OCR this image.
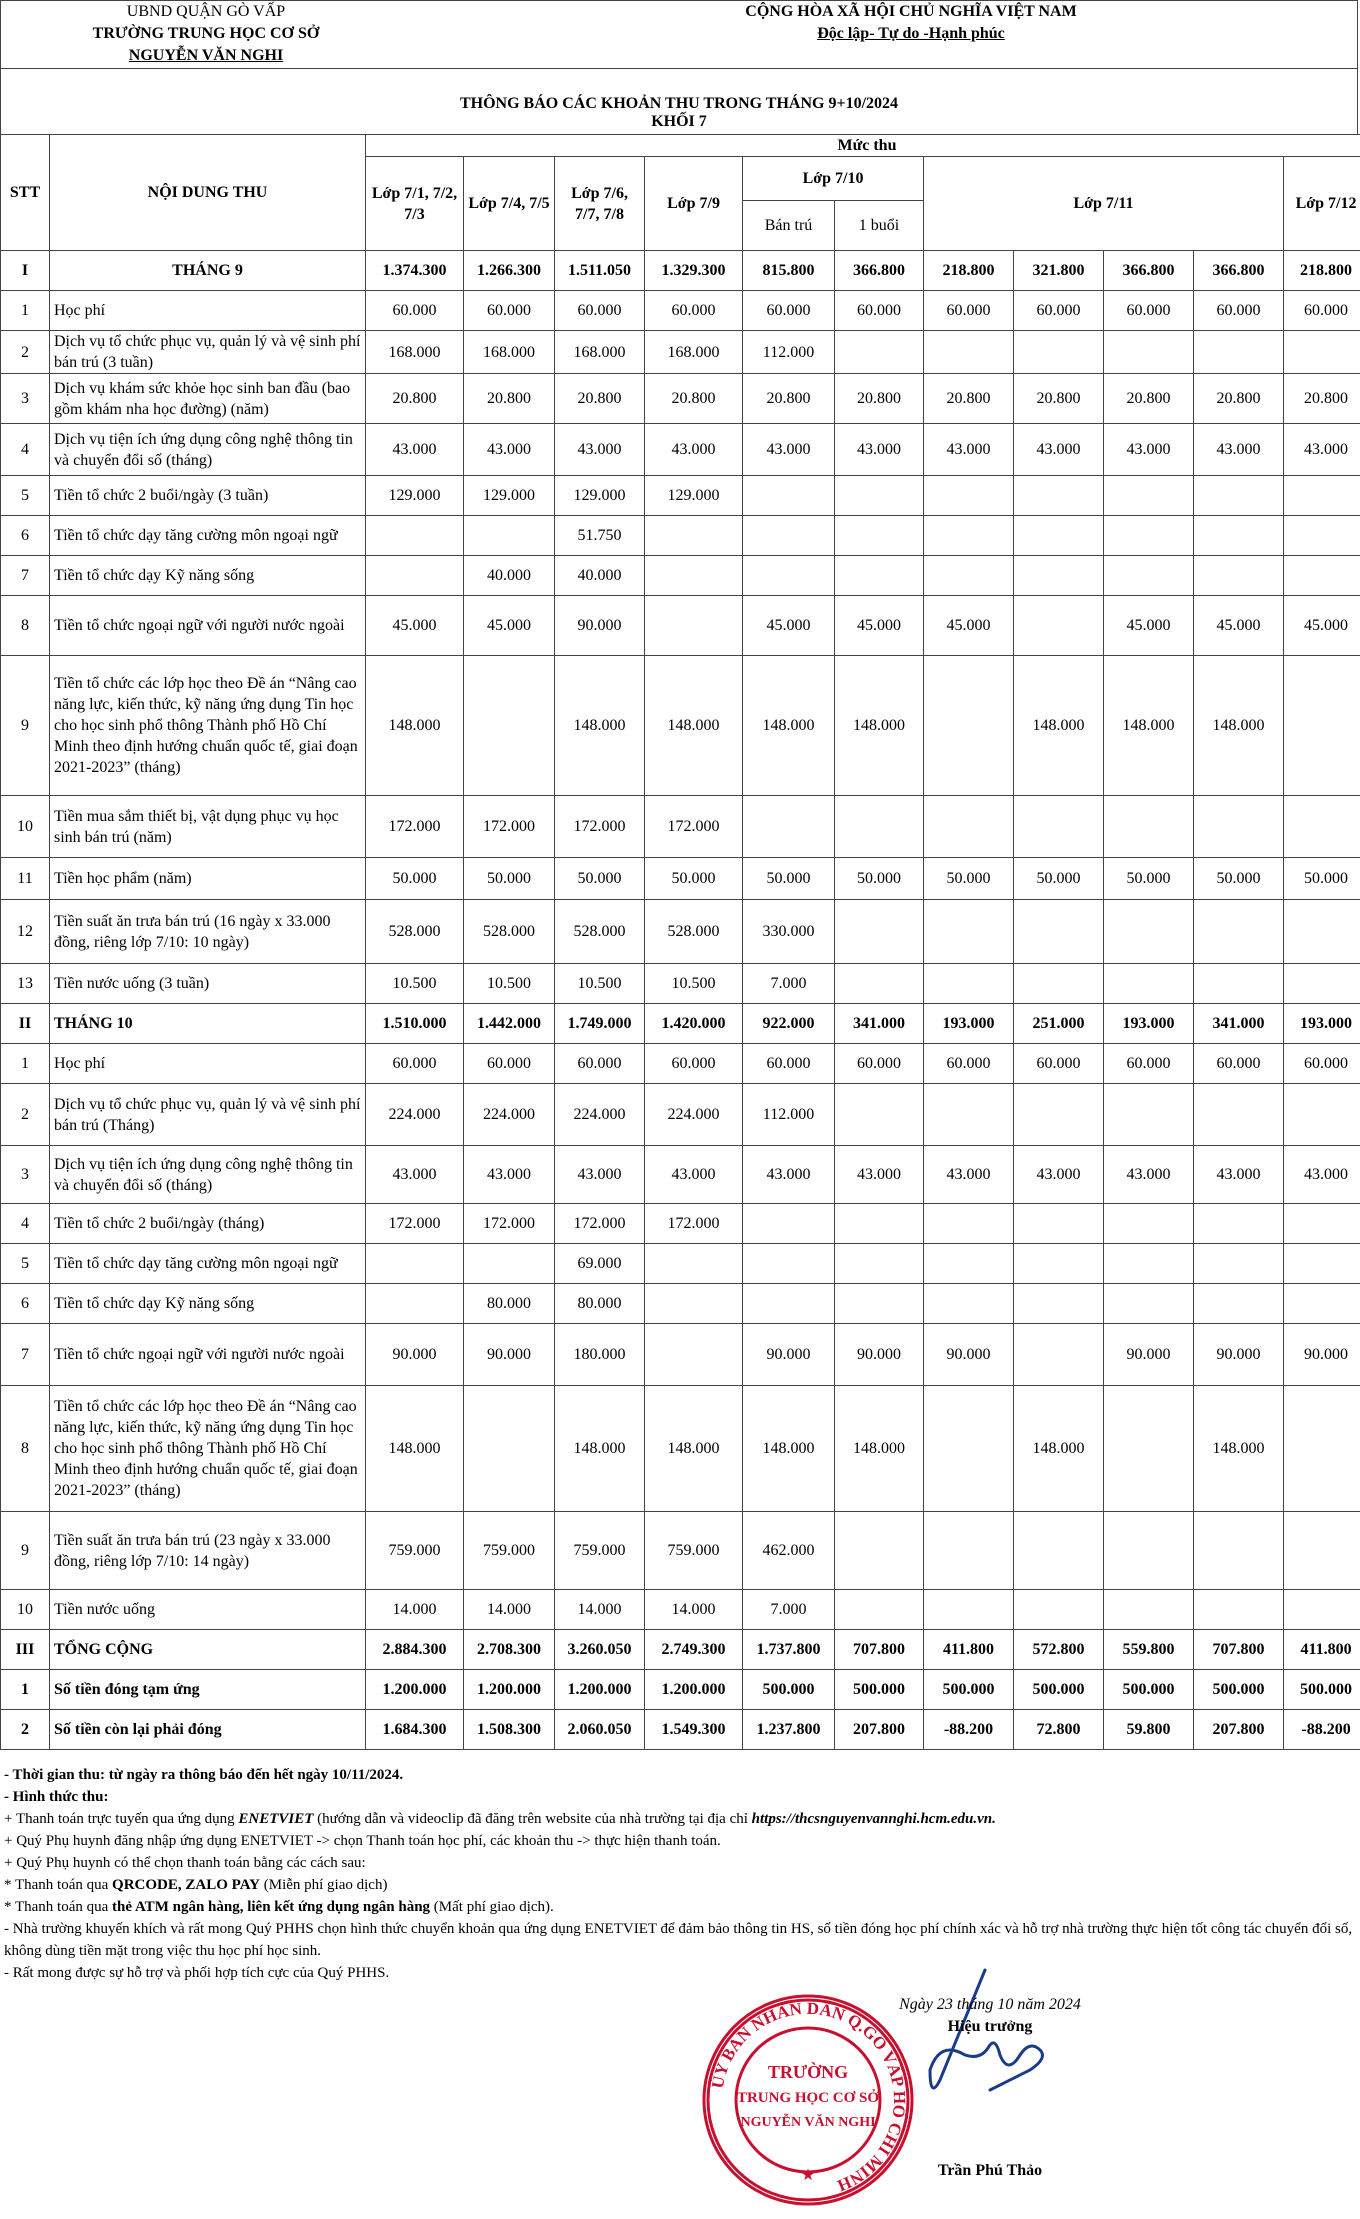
UBND QUẬN GÒ VẤP
TRƯỜNG TRUNG HỌC CƠ SỞ
NGUYỄN VĂN NGHI
CỘNG HÒA XÃ HỘI CHỦ NGHĨA VIỆT NAM
Độc lập- Tự do -Hạnh phúc
THÔNG BÁO CÁC KHOẢN THU TRONG THÁNG 9+10/2024
KHỐI 7
STT	NỘI DUNG THU	Mức thu										
		Lớp 7/1, 7/2, 7/3	Lớp 7/4, 7/5	Lớp 7/6, 7/7, 7/8	Lớp 7/9	Lớp 7/10		Lớp 7/11				Lớp 7/12
						Bán trú	1 buổi					
I	THÁNG 9	1.374.300	1.266.300	1.511.050	1.329.300	815.800	366.800	218.800	321.800	366.800	366.800	218.800
1	Học phí	60.000	60.000	60.000	60.000	60.000	60.000	60.000	60.000	60.000	60.000	60.000
2	Dịch vụ tổ chức phục vụ, quản lý và vệ sinh phí bán trú (3 tuần)	168.000	168.000	168.000	168.000	112.000						
3	Dịch vụ khám sức khỏe học sinh ban đầu (bao gồm khám nha học đường) (năm)	20.800	20.800	20.800	20.800	20.800	20.800	20.800	20.800	20.800	20.800	20.800
4	Dịch vụ tiện ích ứng dụng công nghệ thông tin và chuyển đổi số (tháng)	43.000	43.000	43.000	43.000	43.000	43.000	43.000	43.000	43.000	43.000	43.000
5	Tiền tổ chức 2 buổi/ngày (3 tuần)	129.000	129.000	129.000	129.000							
6	Tiền tổ chức dạy tăng cường môn ngoại ngữ			51.750								
7	Tiền tổ chức dạy Kỹ năng sống		40.000	40.000								
8	Tiền tổ chức ngoại ngữ với người nước ngoài	45.000	45.000	90.000		45.000	45.000	45.000		45.000	45.000	45.000
9	Tiền tổ chức các lớp học theo Đề án “Nâng cao năng lực, kiến thức, kỹ năng ứng dụng Tin học cho học sinh phổ thông Thành phố Hồ Chí Minh theo định hướng chuẩn quốc tế, giai đoạn 2021-2023” (tháng)	148.000		148.000	148.000	148.000	148.000		148.000	148.000	148.000	
10	Tiền mua sắm thiết bị, vật dụng phục vụ học sinh bán trú (năm)	172.000	172.000	172.000	172.000							
11	Tiền học phẩm (năm)	50.000	50.000	50.000	50.000	50.000	50.000	50.000	50.000	50.000	50.000	50.000
12	Tiền suất ăn trưa bán trú (16 ngày x 33.000 đồng, riêng lớp 7/10: 10 ngày)	528.000	528.000	528.000	528.000	330.000						
13	Tiền nước uống (3 tuần)	10.500	10.500	10.500	10.500	7.000						
II	THÁNG 10	1.510.000	1.442.000	1.749.000	1.420.000	922.000	341.000	193.000	251.000	193.000	341.000	193.000
1	Học phí	60.000	60.000	60.000	60.000	60.000	60.000	60.000	60.000	60.000	60.000	60.000
2	Dịch vụ tổ chức phục vụ, quản lý và vệ sinh phí bán trú (Tháng)	224.000	224.000	224.000	224.000	112.000						
3	Dịch vụ tiện ích ứng dụng công nghệ thông tin và chuyển đổi số (tháng)	43.000	43.000	43.000	43.000	43.000	43.000	43.000	43.000	43.000	43.000	43.000
4	Tiền tổ chức 2 buổi/ngày (tháng)	172.000	172.000	172.000	172.000							
5	Tiền tổ chức dạy tăng cường môn ngoại ngữ			69.000								
6	Tiền tổ chức dạy Kỹ năng sống		80.000	80.000								
7	Tiền tổ chức ngoại ngữ với người nước ngoài	90.000	90.000	180.000		90.000	90.000	90.000		90.000	90.000	90.000
8	Tiền tổ chức các lớp học theo Đề án “Nâng cao năng lực, kiến thức, kỹ năng ứng dụng Tin học cho học sinh phổ thông Thành phố Hồ Chí Minh theo định hướng chuẩn quốc tế, giai đoạn 2021-2023” (tháng)	148.000		148.000	148.000	148.000	148.000		148.000		148.000	
9	Tiền suất ăn trưa bán trú (23 ngày x 33.000 đồng, riêng lớp 7/10: 14 ngày)	759.000	759.000	759.000	759.000	462.000						
10	Tiền nước uống	14.000	14.000	14.000	14.000	7.000						
III	TỔNG CỘNG	2.884.300	2.708.300	3.260.050	2.749.300	1.737.800	707.800	411.800	572.800	559.800	707.800	411.800
1	Số tiền đóng tạm ứng	1.200.000	1.200.000	1.200.000	1.200.000	500.000	500.000	500.000	500.000	500.000	500.000	500.000
2	Số tiền còn lại phải đóng	1.684.300	1.508.300	2.060.050	1.549.300	1.237.800	207.800	-88.200	72.800	59.800	207.800	-88.200
- Thời gian thu: từ ngày ra thông báo đến hết ngày 10/11/2024.
- Hình thức thu:
+ Thanh toán trực tuyến qua ứng dụng ENETVIET (hướng dẫn và videoclip đã đăng trên website của nhà trường tại địa chỉ https://thcsnguyenvannghi.hcm.edu.vn.
+ Quý Phụ huynh đăng nhập ứng dụng ENETVIET -> chọn Thanh toán học phí, các khoản thu -> thực hiện thanh toán.
+ Quý Phụ huynh có thể chọn thanh toán bằng các cách sau:
* Thanh toán qua QRCODE, ZALO PAY (Miễn phí giao dịch)
* Thanh toán qua thẻ ATM ngân hàng, liên kết ứng dụng ngân hàng (Mất phí giao dịch).
- Nhà trường khuyến khích và rất mong Quý PHHS chọn hình thức chuyển khoản qua ứng dụng ENETVIET để đảm bảo thông tin HS, số tiền đóng học phí chính xác và hỗ trợ nhà trường thực hiện tốt công tác chuyển đổi số, không dùng tiền mặt trong việc thu học phí học sinh.
- Rất mong được sự hỗ trợ và phối hợp tích cực của Quý PHHS.
ỦY BAN NHÂN DÂN Q.GÒ VẤP HỒ CHÍ MINH
TRƯỜNG
TRUNG HỌC CƠ SỞ
NGUYỄN VĂN NGHI
★
Ngày 23 tháng 10 năm 2024
Hiệu trưởng
Trần Phú Thảo
